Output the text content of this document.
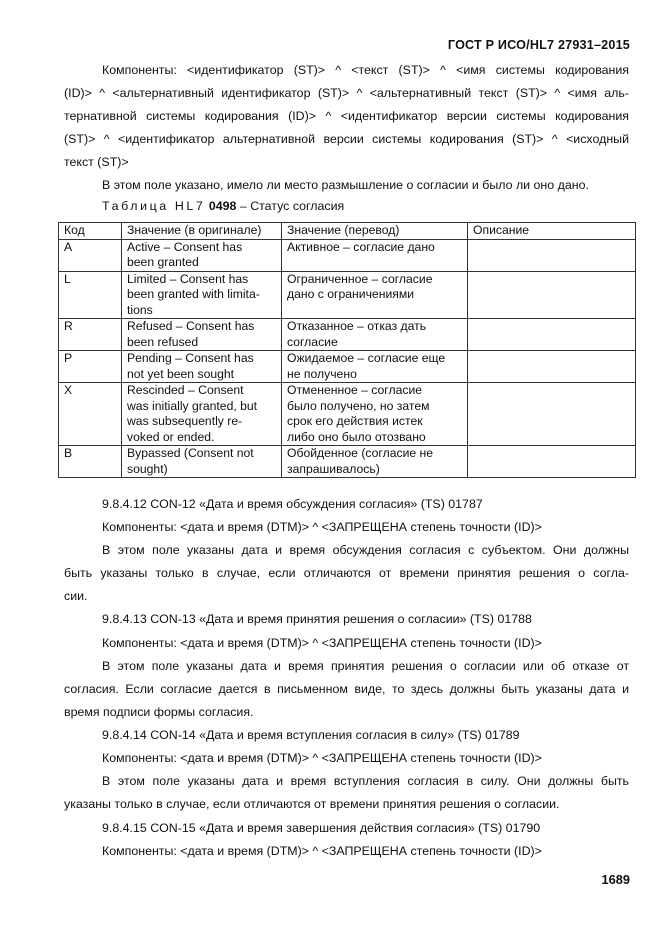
ГОСТ Р ИСО/HL7 27931–2015
Компоненты: <идентификатор (ST)> ^ <текст (ST)> ^ <имя системы кодирования
(ID)> ^ <альтернативный идентификатор (ST)> ^ <альтернативный текст (ST)> ^ <имя аль-
тернативной системы кодирования (ID)> ^ <идентификатор версии системы кодирования
(ST)> ^ <идентификатор альтернативной версии системы кодирования (ST)> ^ <исходный
текст (ST)>
В этом поле указано, имело ли место размышление о согласии и было ли оно дано.
Таблица HL7 0498 – Статус согласия
Код	Значение (в оригинале)	Значение (перевод)	Описание
A	Active – Consent has
been granted	Активное – согласие дано	

L	Limited – Consent has
been granted with limita-
tions	Ограниченное – согласие
дано с ограничениями	

R	Refused – Consent has
been refused	Отказанное – отказ дать
согласие	

P	Pending – Consent has
not yet been sought	Ожидаемое – согласие еще
не получено	

X	Rescinded – Consent
was initially granted, but
was subsequently re-
voked or ended.	Отмененное – согласие
было получено, но затем
срок его действия истек
либо оно было отозвано	

B	Bypassed (Consent not
sought)	Обойденное (согласие не
запрашивалось)	

9.8.4.12 CON-12 «Дата и время обсуждения согласия» (TS) 01787
Компоненты: <дата и время (DTM)> ^ <ЗАПРЕЩЕНА степень точности (ID)>
В этом поле указаны дата и время обсуждения согласия с субъектом. Они должны
быть указаны только в случае, если отличаются от времени принятия решения о согла-
сии.
9.8.4.13 CON-13 «Дата и время принятия решения о согласии» (TS) 01788
Компоненты: <дата и время (DTM)> ^ <ЗАПРЕЩЕНА степень точности (ID)>
В этом поле указаны дата и время принятия решения о согласии или об отказе от
согласия. Если согласие дается в письменном виде, то здесь должны быть указаны дата и
время подписи формы согласия.
9.8.4.14 CON-14 «Дата и время вступления согласия в силу» (TS) 01789
Компоненты: <дата и время (DTM)> ^ <ЗАПРЕЩЕНА степень точности (ID)>
В этом поле указаны дата и время вступления согласия в силу. Они должны быть
указаны только в случае, если отличаются от времени принятия решения о согласии.
9.8.4.15 CON-15 «Дата и время завершения действия согласия» (TS) 01790
Компоненты: <дата и время (DTM)> ^ <ЗАПРЕЩЕНА степень точности (ID)>
1689
